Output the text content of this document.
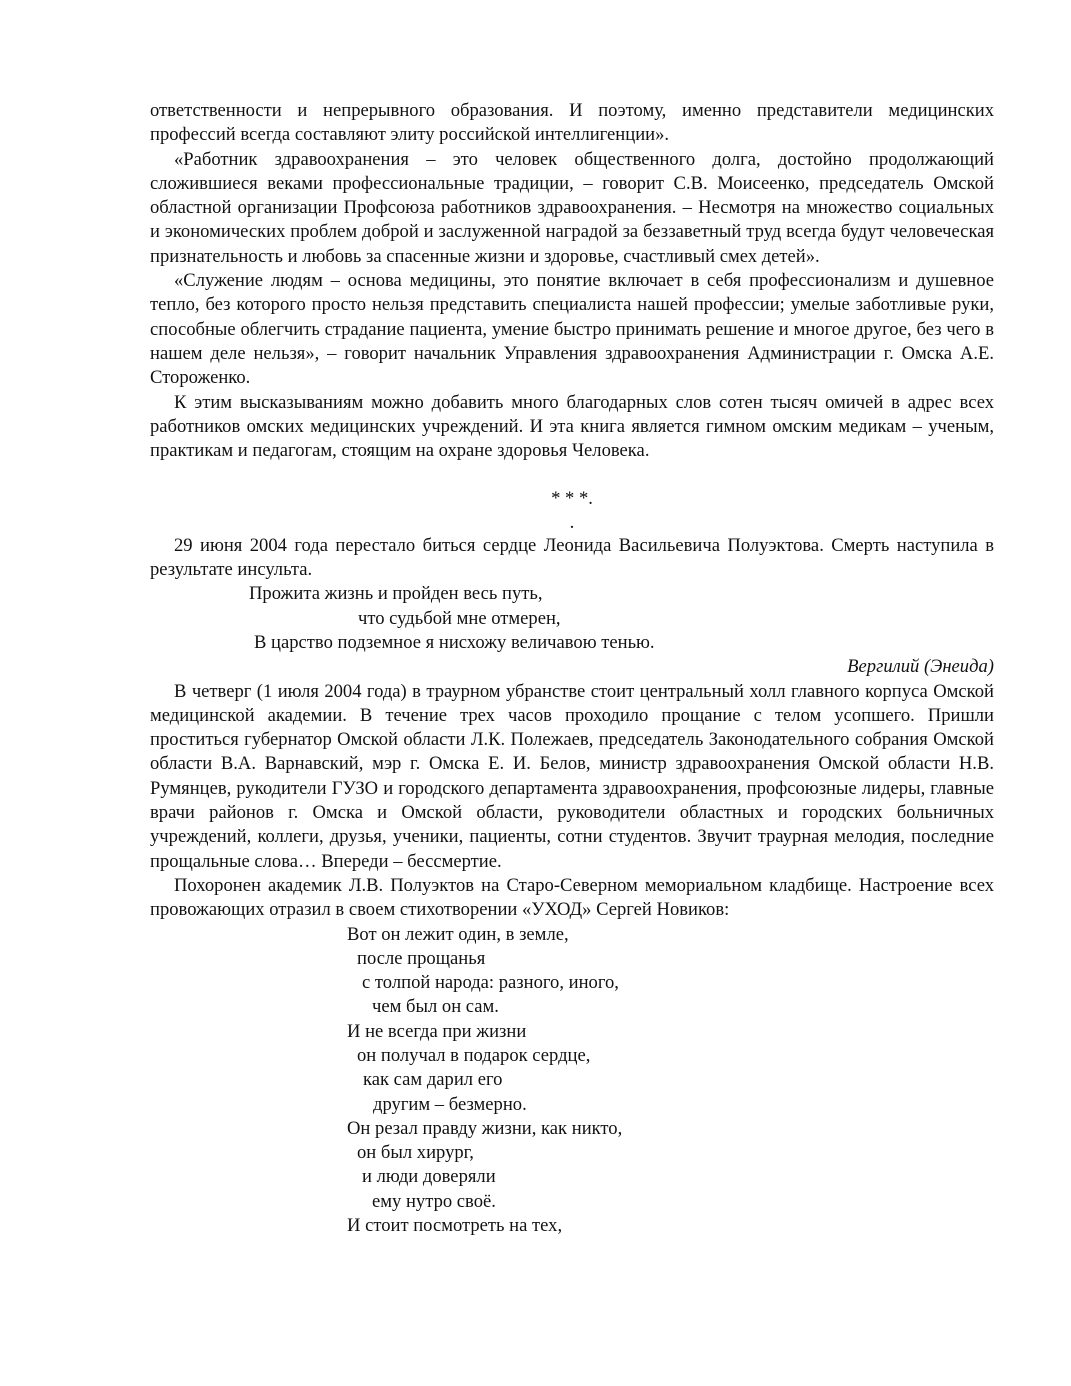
ответственности и непрерывного образования. И поэтому, именно представители медицинских профессий всегда составляют элиту российской интеллигенции».

«Работник здравоохранения – это человек общественного долга, достойно продолжающий сложившиеся веками профессиональные традиции, – говорит С.В. Моисеенко, председатель Омской областной организации Профсоюза работников здравоохранения. – Несмотря на множество социальных и экономических проблем доброй и заслуженной наградой за беззаветный труд всегда будут человеческая признательность и любовь за спасенные жизни и здоровье, счастливый смех детей».

«Служение людям – основа медицины, это понятие включает в себя профессионализм и душевное тепло, без которого просто нельзя представить специалиста нашей профессии; умелые заботливые руки, способные облегчить страдание пациента, умение быстро принимать решение и многое другое, без чего в нашем деле нельзя», – говорит начальник Управления здравоохранения Администрации г. Омска А.Е. Стороженко.

К этим высказываниям можно добавить много благодарных слов сотен тысяч омичей в адрес всех работников омских медицинских учреждений. И эта книга является гимном омским медикам – ученым, практикам и педагогам, стоящим на охране здоровья Человека.

* * *.

.

29 июня 2004 года перестало биться сердце Леонида Васильевича Полуэктова. Смерть наступила в результате инсульта.

Прожита жизнь и пройден весь путь,

что судьбой мне отмерен,

В царство подземное я нисхожу величавою тенью.

Вергилий (Энеида)

В четверг (1 июля 2004 года) в траурном убранстве стоит центральный холл главного корпуса Омской медицинской академии. В течение трех часов проходило прощание с телом усопшего. Пришли проститься губернатор Омской области Л.К. Полежаев, председатель Законодательного собрания Омской области В.А. Варнавский, мэр г. Омска Е. И. Белов, министр здравоохранения Омской области Н.В. Румянцев, рукодители ГУЗО и городского департамента здравоохранения, профсоюзные лидеры, главные врачи районов г. Омска и Омской области, руководители областных и городских больничных учреждений, коллеги, друзья, ученики, пациенты, сотни студентов. Звучит траурная мелодия, последние прощальные слова… Впереди – бессмертие.

Похоронен академик Л.В. Полуэктов на Старо-Северном мемориальном кладбище. Настроение всех провожающих отразил в своем стихотворении «УХОД» Сергей Новиков:

Вот он лежит один, в земле,

после прощанья

с толпой народа: разного, иного,

чем был он сам.

И не всегда при жизни

он получал в подарок сердце,

как сам дарил его

другим – безмерно.

Он резал правду жизни, как никто,

он был хирург,

и люди доверяли

ему нутро своё.

И стоит посмотреть на тех,
